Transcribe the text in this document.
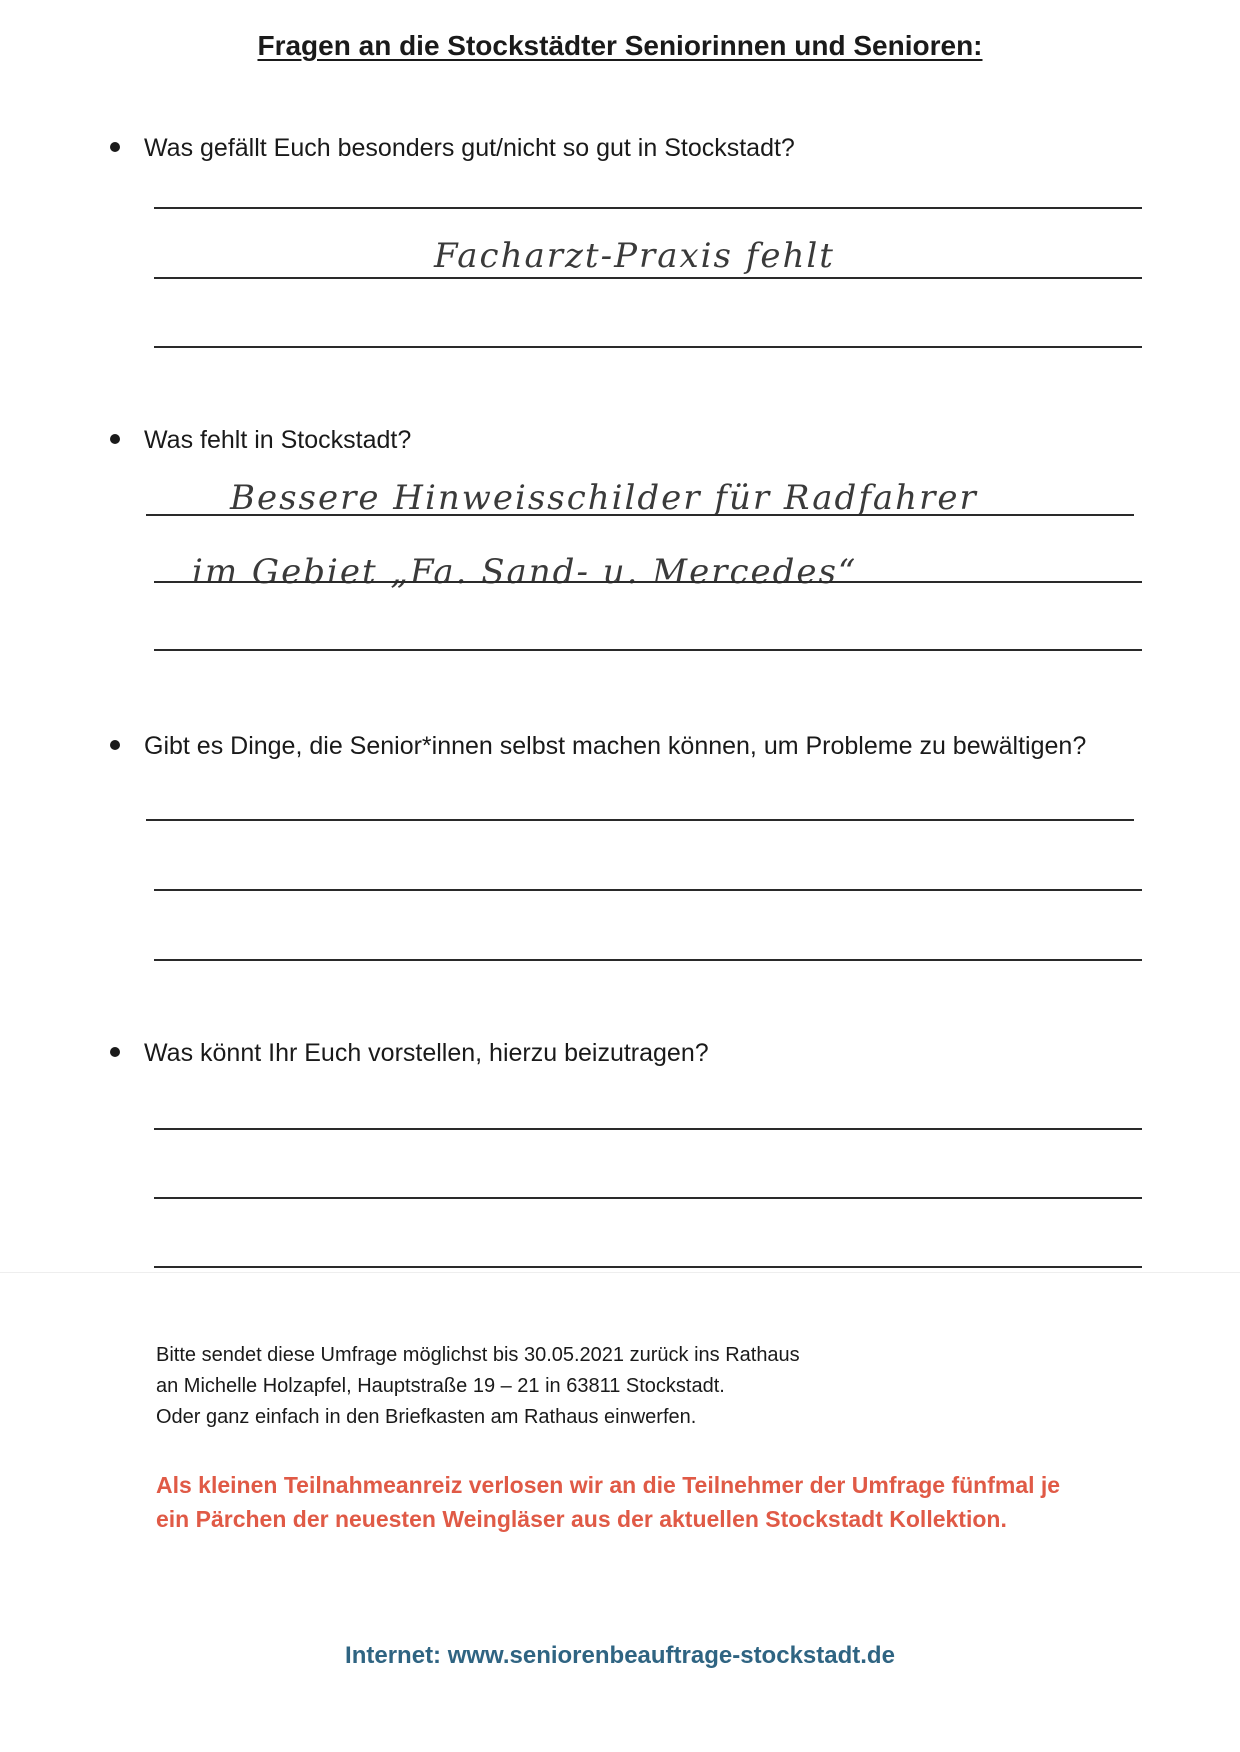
Fragen an die Stockstädter Seniorinnen und Senioren:
Was gefällt Euch besonders gut/nicht so gut in Stockstadt?
Facharzt-Praxis fehlt
Was fehlt in Stockstadt?
Bessere Hinweisschilder für Radfahrer
im Gebiet „Fa. Sand- u. Mercedes“
Gibt es Dinge, die Senior*innen selbst machen können, um Probleme zu bewältigen?
Was könnt Ihr Euch vorstellen, hierzu beizutragen?
Bitte sendet diese Umfrage möglichst bis 30.05.2021 zurück ins Rathaus
an Michelle Holzapfel, Hauptstraße 19 – 21 in 63811 Stockstadt.
Oder ganz einfach in den Briefkasten am Rathaus einwerfen.
Als kleinen Teilnahmeanreiz verlosen wir an die Teilnehmer der Umfrage fünfmal je
ein Pärchen der neuesten Weingläser aus der aktuellen Stockstadt Kollektion.
Internet: www.seniorenbeauftrage-stockstadt.de
